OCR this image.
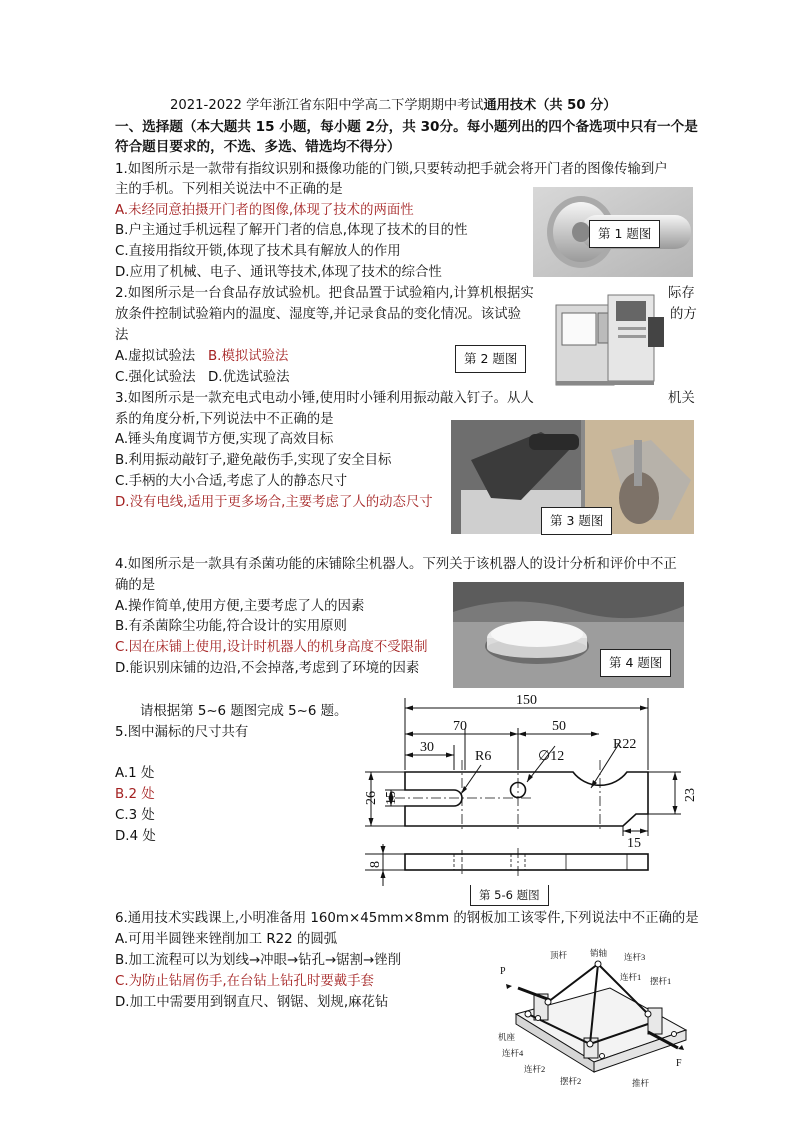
2021-2022 学年浙江省东阳中学高二下学期期中考试通用技术（共 50 分）
一、选择题（本大题共 15 小题，每小题 2分，共 30分。每小题列出的四个备选项中只有一个是
符合题目要求的，不选、多选、错选均不得分）
1.如图所示是一款带有指纹识别和摄像功能的门锁,只要转动把手就会将开门者的图像传输到户
主的手机。下列相关说法中不正确的是
A.未经同意拍摄开门者的图像,体现了技术的两面性
B.户主通过手机远程了解开门者的信息,体现了技术的目的性
C.直接用指纹开锁,体现了技术具有解放人的作用
D.应用了机械、电子、通讯等技术,体现了技术的综合性
第 1 题图
2.如图所示是一台食品存放试验机。把食品置于试验箱内,计算机根据实	际存
放条件控制试验箱内的温度、湿度等,并记录食品的变化情况。该试验	的方
法
A.虚拟试验法 B.模拟试验法
C.强化试验法 D.优选试验法
第 2 题图
3.如图所示是一款充电式电动小锤,使用时小锤利用振动敲入钉子。从人	机关
系的角度分析,下列说法中不正确的是
A.锤头角度调节方便,实现了高效目标
B.利用振动敲钉子,避免敲伤手,实现了安全目标
C.手柄的大小合适,考虑了人的静态尺寸
D.没有电线,适用于更多场合,主要考虑了人的动态尺寸
第 3 题图
4.如图所示是一款具有杀菌功能的床铺除尘机器人。下列关于该机器人的设计分析和评价中不正
确的是
A.操作简单,使用方便,主要考虑了人的因素
B.有杀菌除尘功能,符合设计的实用原则
C.因在床铺上使用,设计时机器人的机身高度不受限制
D.能识别床铺的边沿,不会掉落,考虑到了环境的因素	第 4 题图
请根据第 5~6 题图完成 5~6 题。
5.图中漏标的尺寸共有
A.1 处
B.2 处
C.3 处
D.4 处
150
70	50
30
R6	∅12
R22
26 15	23
15
8
第 5-6 题图
6.通用技术实践课上,小明准备用 160m×45mm×8mm 的钢板加工该零件,下列说法中不正确的是
A.可用半圆锉来锉削加工 R22 的圆弧
B.加工流程可以为划线→冲眼→钻孔→锯割→锉削
C.为防止钻屑伤手,在台钻上钻孔时要戴手套
D.加工中需要用到钢直尺、钢锯、划规,麻花钻
P
顶杆	销轴 连杆3
连杆1 摆杆1
机座
连杆4
连杆2
摆杆2	推杆
F
